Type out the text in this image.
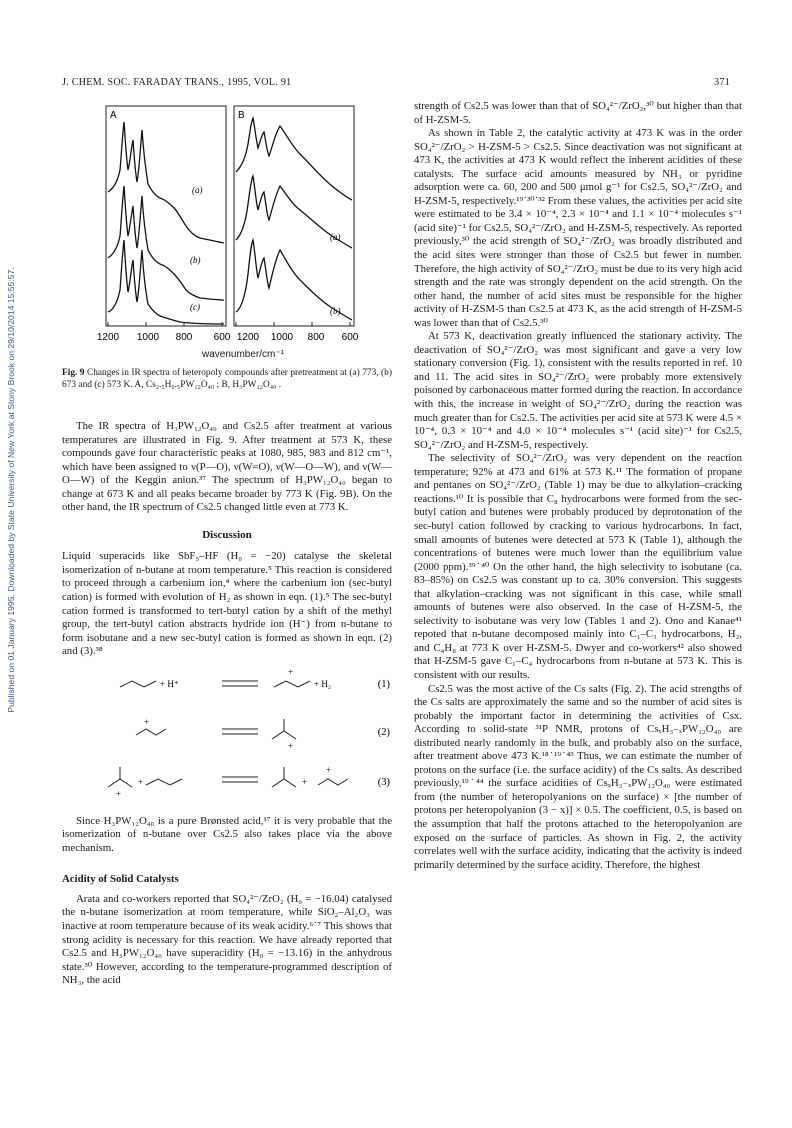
Published on 01 January 1995. Downloaded by State University of New York at Stony Brook on 29/10/2014 15:55:57.
J. CHEM. SOC. FARADAY TRANS., 1995, VOL. 91	371
A	B
(a)
(b)
(c)
(a)
(b)
1200 1000 800 600 1200 1000 800 600
wavenumber/cm⁻¹
Fig. 9 Changes in IR spectra of heteropoly compounds after pretreatment at (a) 773, (b) 673 and (c) 573 K. A, Cs₂.₅H₀.₅PW₁₂O₄₀ ; B, H₃PW₁₂O₄₀ .

The IR spectra of H₃PW₁₂O₄₀ and Cs2.5 after treatment at various temperatures are illustrated in Fig. 9. After treatment at 573 K, these compounds gave four characteristic peaks at 1080, 985, 983 and 812 cm⁻¹, which have been assigned to ν(P—O), ν(W=O), ν(W—O—W), and ν(W—O—W) of the Keggin anion.³⁷ The spectrum of H₃PW₁₂O₄₀ began to change at 673 K and all peaks became broader by 773 K (Fig. 9B). On the other hand, the IR spectrum of Cs2.5 changed little even at 773 K.

Discussion

Liquid superacids like SbF₅–HF (H₀ = −20) catalyse the skeletal isomerization of n-butane at room temperature.⁵ This reaction is considered to proceed through a carbenium ion,⁴ where the carbenium ion (sec-butyl cation) is formed with evolution of H₂ as shown in eqn. (1).⁵ The sec-butyl cation formed is transformed to tert-butyl cation by a shift of the methyl group, the tert-butyl cation abstracts hydride ion (H⁻) from n-butane to form isobutane and a new sec-butyl cation is formed as shown in eqn. (2) and (3).³⁸

+ H⁺
+
+ H₂
+
+
+
+	+
+
(1)
(2)
(3)

Since H₃PW₁₂O₄₀ is a pure Brønsted acid,¹⁷ it is very probable that the isomerization of n-butane over Cs2.5 also takes place via the above mechanism.

Acidity of Solid Catalysts

Arata and co-workers reported that SO₄²⁻/ZrO₂ (H₀ = −16.04) catalysed the n-butane isomerization at room temperature, while SiO₂–Al₂O₃ was inactive at room temperature because of its weak acidity.⁶˙⁷ This shows that strong acidity is necessary for this reaction. We have already reported that Cs2.5 and H₃PW₁₂O₄₀ have superacidity (H₀ = −13.16) in the anhydrous state.³⁰ However, according to the temperature-programmed description of NH₃, the acid

strength of Cs2.5 was lower than that of SO₄²⁻/ZrO₂,³⁰ but higher than that of H-ZSM-5.

As shown in Table 2, the catalytic activity at 473 K was in the order SO₄²⁻/ZrO₂ > H-ZSM-5 > Cs2.5. Since deactivation was not significant at 473 K, the activities at 473 K would reflect the inherent acidities of these catalysts. The surface acid amounts measured by NH₃ or pyridine adsorption were ca. 60, 200 and 500 μmol g⁻¹ for Cs2.5, SO₄²⁻/ZrO₂ and H-ZSM-5, respectively.¹⁹˙³⁰˙³² From these values, the activities per acid site were estimated to be 3.4 × 10⁻⁴, 2.3 × 10⁻⁴ and 1.1 × 10⁻⁴ molecules s⁻¹ (acid site)⁻¹ for Cs2.5, SO₄²⁻/ZrO₂ and H-ZSM-5, respectively. As reported previously,³⁰ the acid strength of SO₄²⁻/ZrO₂ was broadly distributed and the acid sites were stronger than those of Cs2.5 but fewer in number. Therefore, the high activity of SO₄²⁻/ZrO₂ must be due to its very high acid strength and the rate was strongly dependent on the acid strength. On the other hand, the number of acid sites must be responsible for the higher activity of H-ZSM-5 than Cs2.5 at 473 K, as the acid strength of H-ZSM-5 was lower than that of Cs2.5.³⁰

At 573 K, deactivation greatly influenced the stationary activity. The deactivation of SO₄²⁻/ZrO₂ was most significant and gave a very low stationary conversion (Fig. 1), consistent with the results reported in ref. 10 and 11. The acid sites in SO₄²⁻/ZrO₂ were probably more extensively poisoned by carbonaceous matter formed during the reaction. In accordance with this, the increase in weight of SO₄²⁻/ZrO₂ during the reaction was much greater than for Cs2.5. The activities per acid site at 573 K were 4.5 × 10⁻⁴, 0.3 × 10⁻⁴ and 4.0 × 10⁻⁴ molecules s⁻¹ (acid site)⁻¹ for Cs2.5, SO₄²⁻/ZrO₂ and H-ZSM-5, respectively.

The selectivity of SO₄²⁻/ZrO₂ was very dependent on the reaction temperature; 92% at 473 and 61% at 573 K.¹¹ The formation of propane and pentanes on SO₄²⁻/ZrO₂ (Table 1) may be due to alkylation–cracking reactions.¹⁰ It is possible that C₈ hydrocarbons were formed from the sec-butyl cation and butenes were probably produced by deprotonation of the sec-butyl cation followed by cracking to various hydrocarbons. In fact, small amounts of butenes were detected at 573 K (Table 1), although the concentrations of butenes were much lower than the equilibrium value (2000 ppm).³⁹˙⁴⁰ On the other hand, the high selectivity to isobutane (ca. 83–85%) on Cs2.5 was constant up to ca. 30% conversion. This suggests that alkylation–cracking was not significant in this case, while small amounts of butenes were also observed. In the case of H-ZSM-5, the selectivity to isobutane was very low (Tables 1 and 2). Ono and Kanae⁴¹ repoted that n-butane decomposed mainly into C₁–C₃ hydrocarbons, H₂, and C₄H₈ at 773 K over H-ZSM-5. Dwyer and co-workers⁴² also showed that H-ZSM-5 gave C₁–C₄ hydrocarbons from n-butane at 573 K. This is consistent with our results.

Cs2.5 was the most active of the Cs salts (Fig. 2). The acid strengths of the Cs salts are approximately the same and so the number of acid sites is probably the important factor in determining the activities of Csx. According to solid-state ³¹P NMR, protons of CsₓH₃₋ₓPW₁₂O₄₀ are distributed nearly randomly in the bulk, and probably also on the surface, after treatment above 473 K.¹⁸˙¹⁹˙⁴³ Thus, we can estimate the number of protons on the surface (i.e. the surface acidity) of the Cs salts. As described previously,¹⁹˙⁴⁴ the surface acidities of CsₓH₃₋ₓPW₁₂O₄₀ were estimated from (the number of heteropolyanions on the surface) × [the number of protons per heteropolyanion (3 − x)] × 0.5. The coefficient, 0.5, is based on the assumption that half the protons attached to the heteropolyanion are exposed on the surface of particles. As shown in Fig. 2, the activity correlates well with the surface acidity, indicating that the activity is indeed primarily determined by the surface acidity. Therefore, the highest
